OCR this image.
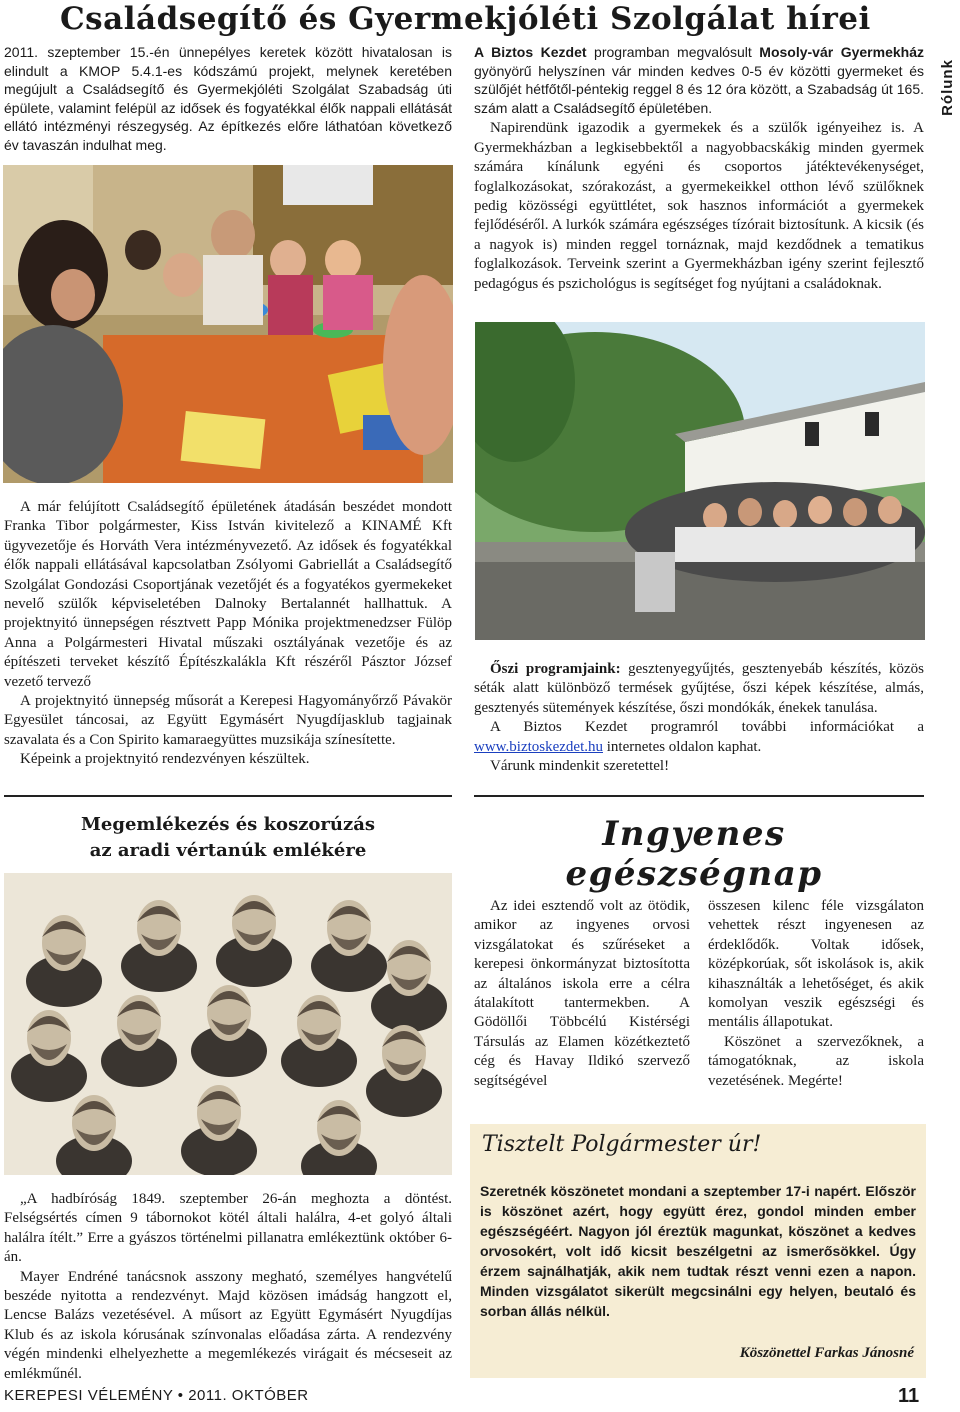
Családsegítő és Gyermekjóléti Szolgálat hírei
Rólunk

2011. szeptember 15.-én ünnepélyes keretek között hivatalosan is elindult a KMOP 5.4.1-es kódszámú projekt, melynek keretében megújult a Családsegítő és Gyermekjóléti Szolgálat Szabadság úti épülete, valamint felépül az idősek és fogyatékkal élők nappali ellátását ellátó intézményi részegység. Az építkezés előre láthatóan következő év tavaszán indulhat meg.

A Biztos Kezdet programban megvalósult Mosoly-vár Gyermekház gyönyörű helyszínen vár minden kedves 0-5 év közötti gyermeket és szülőjét hétfőtől-péntekig reggel 8 és 12 óra között, a Szabadság út 165. szám alatt a Családsegítő épületében.

Napirendünk igazodik a gyermekek és a szülők igényeihez is. A Gyermekházban a legkisebbektől a nagyobbacskákig minden gyermek számára kínálunk egyéni és csoportos játéktevékenységet, foglalkozásokat, szórakozást, a gyermekeikkel otthon lévő szülőknek pedig közösségi együttlétet, sok hasznos információt a gyermekek fejlődéséről. A lurkók számára egészséges tízórait biztosítunk. A kicsik (és a nagyok is) minden reggel tornáznak, majd kezdődnek a tematikus foglalkozások. Terveink szerint a Gyermekházban igény szerint fejlesztő pedagógus és pszichológus is segítséget fog nyújtani a családoknak.

A már felújított Családsegítő épületének átadásán beszédet mondott Franka Tibor polgármester, Kiss István kivitelező a KINAMÉ Kft ügyvezetője és Horváth Vera intézményvezető. Az idősek és fogyatékkal élők nappali ellátásával kapcsolatban Zsólyomi Gabriellát a Családsegítő Szolgálat Gondozási Csoportjának vezetőjét és a fogyatékos gyermekeket nevelő szülők képviseletében Dalnoky Bertalannét hallhattuk. A projektnyitó ünnepségen résztvett Papp Mónika projektmenedzser Fülöp Anna a Polgármesteri Hivatal műszaki osztályának vezetője és az építészeti terveket készítő Építészkalákla Kft részéről Pásztor József vezető tervező

A projektnyitó ünnepség műsorát a Kerepesi Hagyományőrző Pávakör Egyesület táncosai, az Együtt Egymásért Nyugdíjasklub tagjainak szavalata és a Con Spirito kamaraegyüttes muzsikája színesítette.

Képeink a projektnyitó rendezvényen készültek.

Őszi programjaink: gesztenyegyűjtés, gesztenyebáb készítés, közös séták alatt különböző termések gyűjtése, őszi képek készítése, almás, gesztenyés sütemények készítése, őszi mondókák, énekek tanulása.

A Biztos Kezdet programról további információkat a www.biztoskezdet.hu internetes oldalon kaphat.

Várunk mindenkit szeretettel!

Megemlékezés és koszorúzás
az aradi vértanúk emlékére

„A hadbíróság 1849. szeptember 26-án meghozta a döntést. Felségsértés címen 9 tábornokot kötél általi halálra, 4-et golyó általi halálra ítélt.” Erre a gyászos történelmi pillanatra emlékeztünk október 6-án.

Mayer Endréné tanácsnok asszony megható, személyes hangvételű beszéde nyitotta a rendezvényt. Majd közösen imádság hangzott el, Lencse Balázs vezetésével. A műsort az Együtt Egymásért Nyugdíjas Klub és az iskola kórusának színvonalas előadása zárta. A rendezvény végén mindenki elhelyezhette a megemlékezés virágait és mécseseit az emlékműnél.

Ingyenes
egészségnap

Az idei esztendő volt az ötödik, amikor az ingyenes orvosi vizsgálatokat és szűréseket a kerepesi önkormányzat biztosította az általános iskola erre a célra átalakított tantermekben. A Gödöllői Többcélú Kistérségi Társulás az Elamen közétkeztető cég és Havay Ildikó szervező segítségével

összesen kilenc féle vizsgálaton vehettek részt ingyenesen az érdeklődők. Voltak idősek, középkorúak, sőt iskolások is, akik kihasználták a lehetőséget, és akik komolyan veszik egészségi és mentális állapotukat.

Köszönet a szervezőknek, a támogatóknak, az iskola vezetésének. Megérte!

Tisztelt Polgármester úr!
Szeretnék köszönetet mondani a szeptember 17-i napért. Először is köszönet azért, hogy együtt érez, gondol minden ember egészségéért. Nagyon jól éreztük magunkat, köszönet a kedves orvosokért, volt idő kicsit beszélgetni az ismerősökkel. Úgy érzem sajnálhatják, akik nem tudtak részt venni ezen a napon. Minden vizsgálatot sikerült megcsinálni egy helyen, beutaló és sorban állás nélkül.
Köszönettel Farkas Jánosné
KEREPESI VÉLEMÉNY • 2011. OKTÓBER	11
